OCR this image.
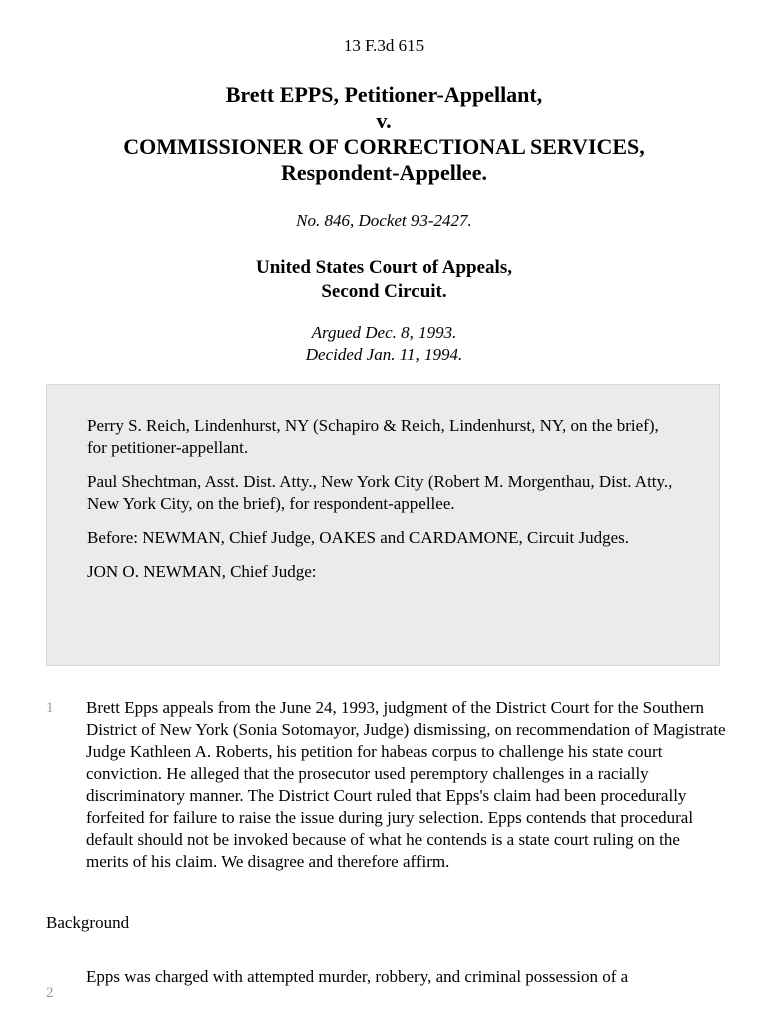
13 F.3d 615
Brett EPPS, Petitioner-Appellant,
v.
COMMISSIONER OF CORRECTIONAL SERVICES,
Respondent-Appellee.
No. 846, Docket 93-2427.
United States Court of Appeals,
Second Circuit.
Argued Dec. 8, 1993.
Decided Jan. 11, 1994.

Perry S. Reich, Lindenhurst, NY (Schapiro & Reich, Lindenhurst, NY, on the brief), for petitioner-appellant.

Paul Shechtman, Asst. Dist. Atty., New York City (Robert M. Morgenthau, Dist. Atty., New York City, on the brief), for respondent-appellee.

Before: NEWMAN, Chief Judge, OAKES and CARDAMONE, Circuit Judges.

JON O. NEWMAN, Chief Judge:

1 Brett Epps appeals from the June 24, 1993, judgment of the District Court for the Southern District of New York (Sonia Sotomayor, Judge) dismissing, on recommendation of Magistrate Judge Kathleen A. Roberts, his petition for habeas corpus to challenge his state court conviction. He alleged that the prosecutor used peremptory challenges in a racially discriminatory manner. The District Court ruled that Epps's claim had been procedurally forfeited for failure to raise the issue during jury selection. Epps contends that procedural default should not be invoked because of what he contends is a state court ruling on the merits of his claim. We disagree and therefore affirm.
Background
2
Epps was charged with attempted murder, robbery, and criminal possession of a
